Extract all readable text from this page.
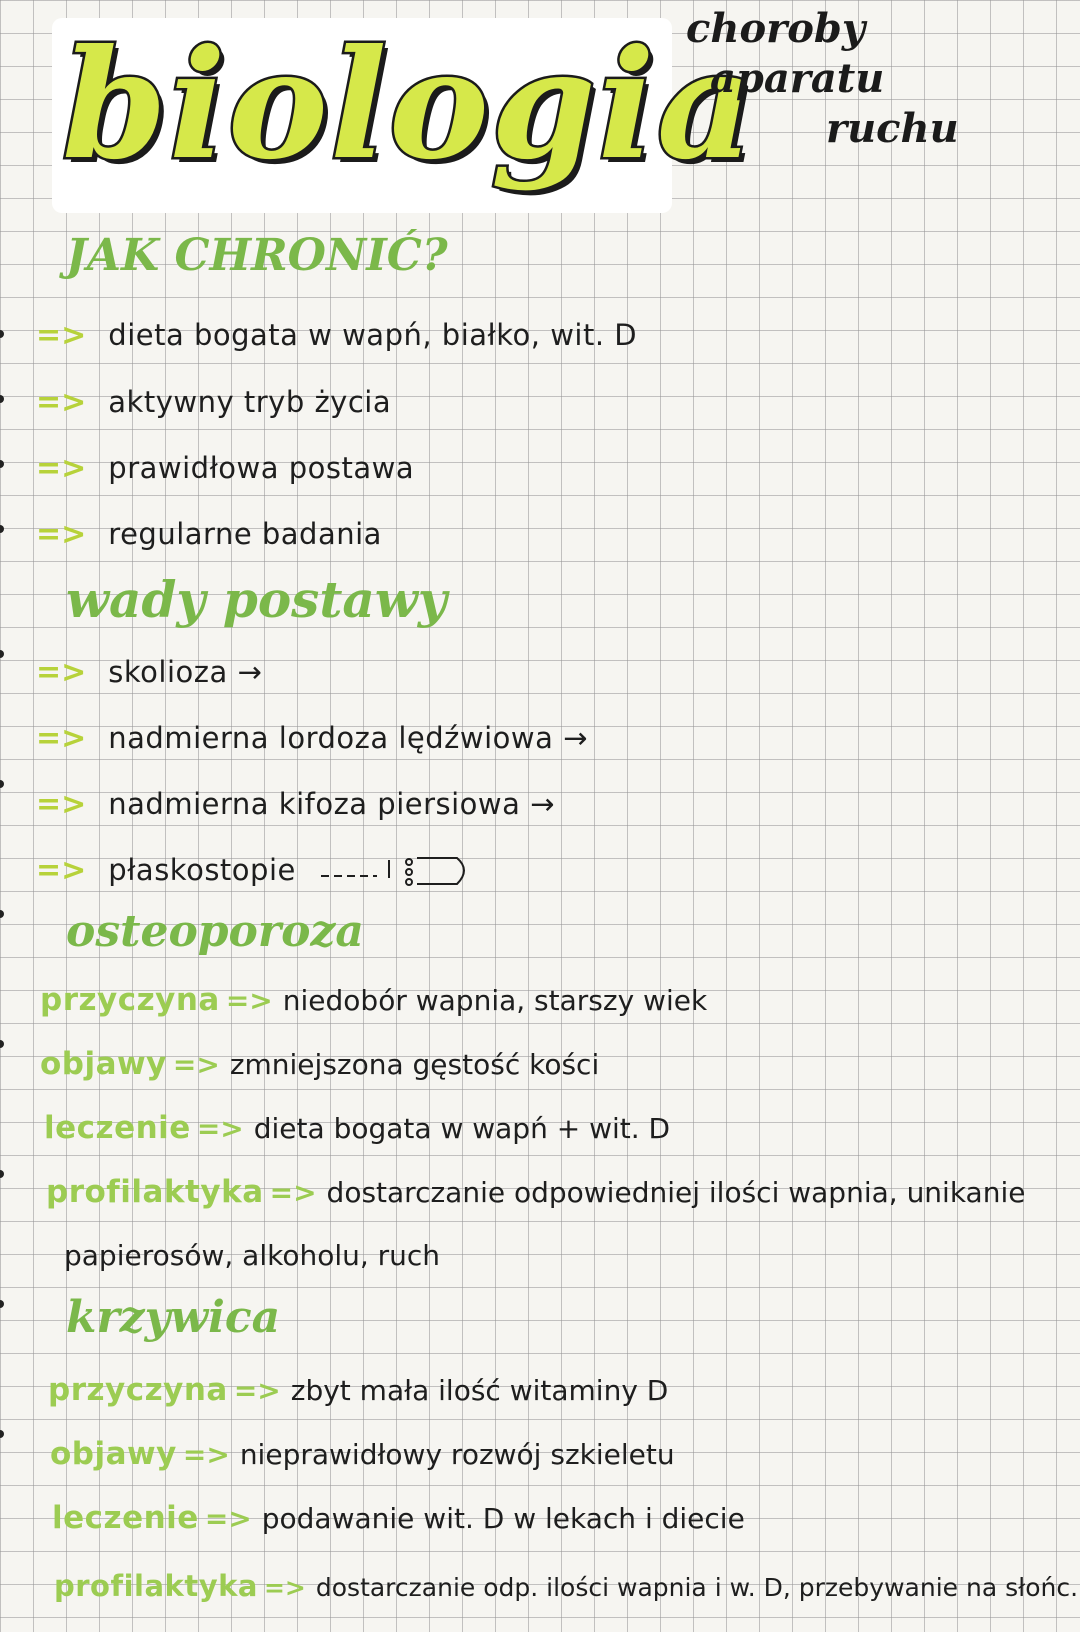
biologia
choroby
aparatu
ruchu
JAK CHRONIĆ?
=> dieta bogata w wapń, białko, wit. D
=> aktywny tryb życia
=> prawidłowa postawa
=> regularne badania
wady postawy
=> skolioza →
=> nadmierna lordoza lędźwiowa →
=> nadmierna kifoza piersiowa →
=> płaskostopie
osteoporoza
przyczyna => niedobór wapnia, starszy wiek
objawy => zmniejszona gęstość kości
leczenie => dieta bogata w wapń + wit. D
profilaktyka => dostarczanie odpowiedniej ilości wapnia, unikanie
papierosów, alkoholu, ruch
krzywica
przyczyna => zbyt mała ilość witaminy D
objawy => nieprawidłowy rozwój szkieletu
leczenie => podawanie wit. D w lekach i diecie
profilaktyka => dostarczanie odp. ilości wapnia i w. D, przebywanie na słońc.
